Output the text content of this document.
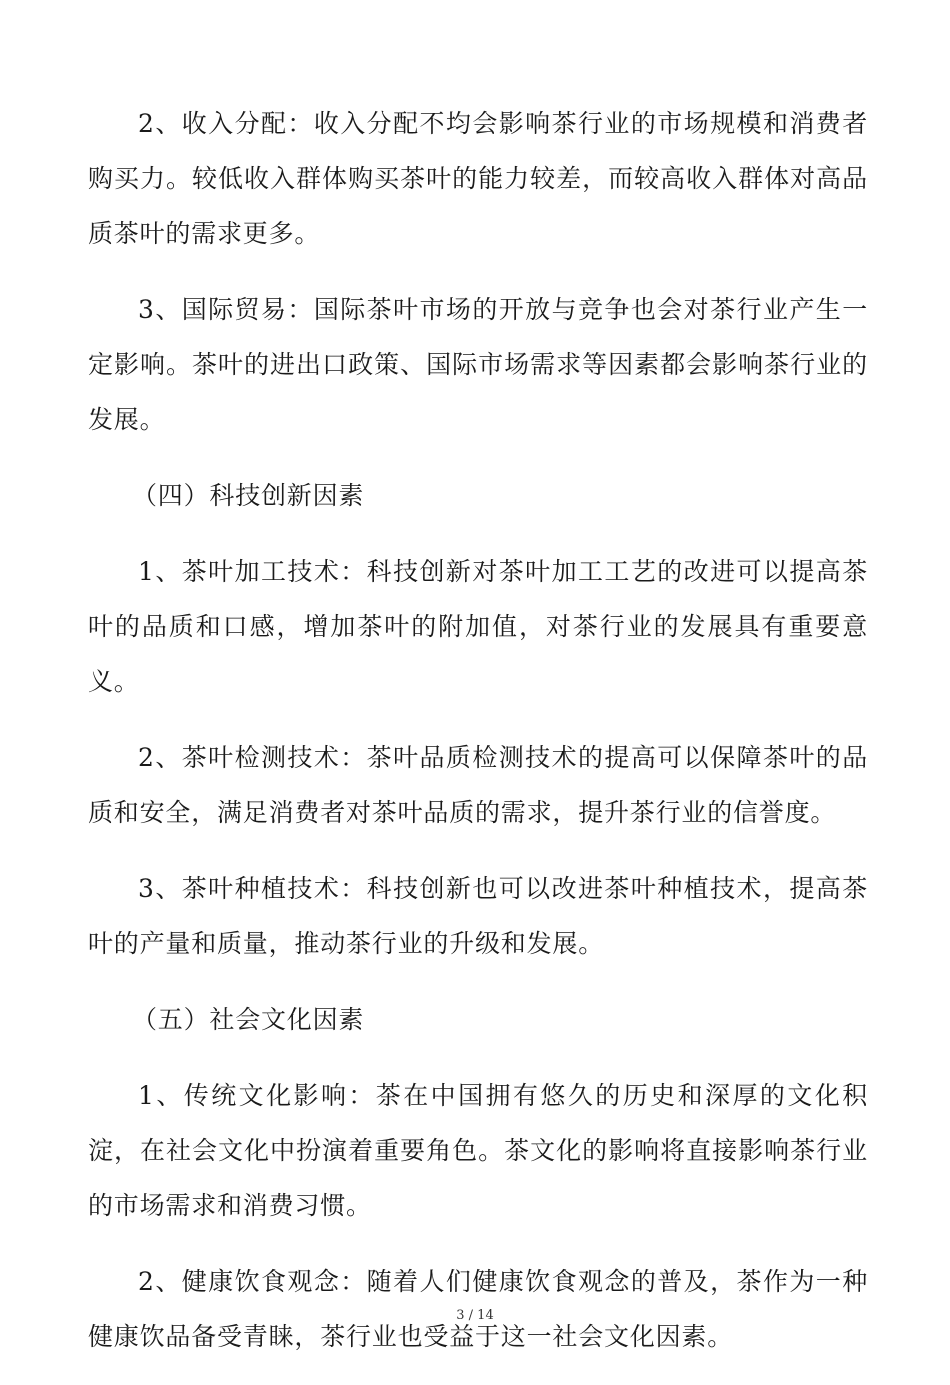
2、收入分配：收入分配不均会影响茶行业的市场规模和消费者购买力。较低收入群体购买茶叶的能力较差，而较高收入群体对高品质茶叶的需求更多。

3、国际贸易：国际茶叶市场的开放与竞争也会对茶行业产生一定影响。茶叶的进出口政策、国际市场需求等因素都会影响茶行业的发展。

（四）科技创新因素

1、茶叶加工技术：科技创新对茶叶加工工艺的改进可以提高茶叶的品质和口感，增加茶叶的附加值，对茶行业的发展具有重要意义。

2、茶叶检测技术：茶叶品质检测技术的提高可以保障茶叶的品质和安全，满足消费者对茶叶品质的需求，提升茶行业的信誉度。

3、茶叶种植技术：科技创新也可以改进茶叶种植技术，提高茶叶的产量和质量，推动茶行业的升级和发展。

（五）社会文化因素

1、传统文化影响：茶在中国拥有悠久的历史和深厚的文化积淀，在社会文化中扮演着重要角色。茶文化的影响将直接影响茶行业的市场需求和消费习惯。

2、健康饮食观念：随着人们健康饮食观念的普及，茶作为一种健康饮品备受青睐，茶行业也受益于这一社会文化因素。

3 / 14
